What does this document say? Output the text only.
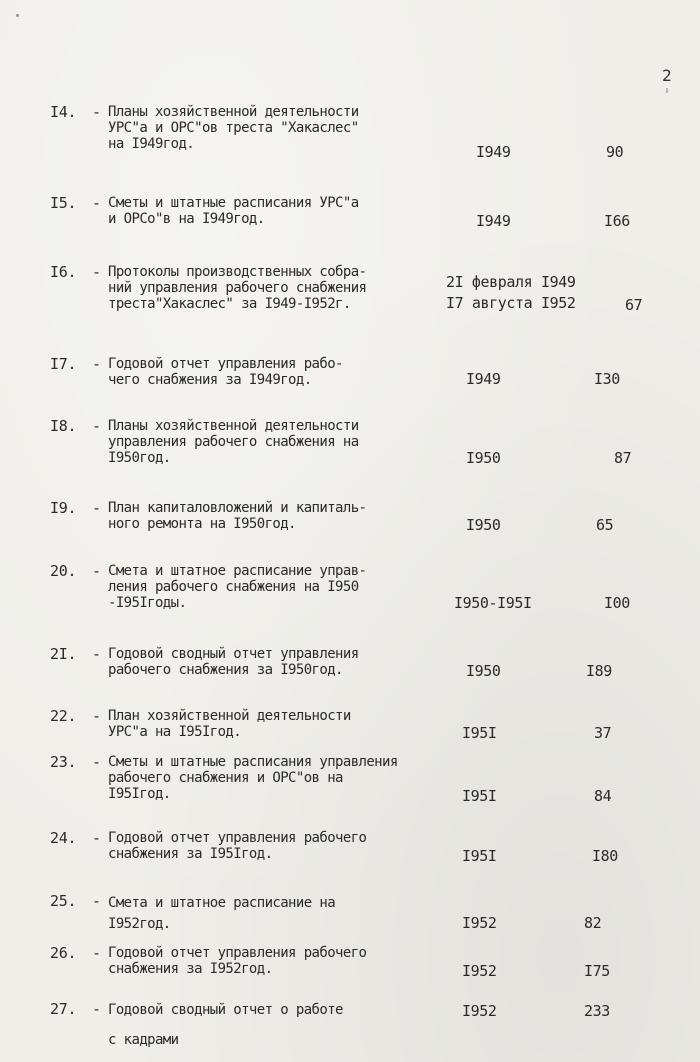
2
I4.	- Планы хозяйственной деятельности
УРС"а и ОРС"ов треста "Хакаслес"
на I949год.	I949	90
I5.	- Сметы и штатные расписания УРС"а
и ОРСо"в на I949год.	I949	I66
I6.	- Протоколы производственных собра-
ний управления рабочего снабжения
треста"Хакаслес" за I949-I952г.
2I февраля I949
I7 августа I952	67
I7.	- Годовой отчет управления рабо-
чего снабжения за I949год.	I949	I30
I8.	- Планы хозяйственной деятельности
управления рабочего снабжения на
I950год.	I950	87
I9.	- План капиталовложений и капиталь-
ного ремонта на I950год.	I950	65
20.	- Смета и штатное расписание управ-
ления рабочего снабжения на I950
-I95Iгоды.	I950-I95I	I00
2I.	- Годовой сводный отчет управления
рабочего снабжения за I950год.	I950	I89
22.	- План хозяйственной деятельности
УРС"а на I95Iгод.	I95I	37
23.	- Сметы и штатные расписания управления
рабочего снабжения и ОРС"ов на
I95Iгод.	I95I	84
24.	- Годовой отчет управления рабочего
снабжения за I95Iгод.	I95I	I80
25.	- Смета и штатное расписание на
I952год.	I952	82
26.	- Годовой отчет управления рабочего
снабжения за I952год.	I952	I75
27.	- Годовой сводный отчет о работе
с кадрами
I952	233
